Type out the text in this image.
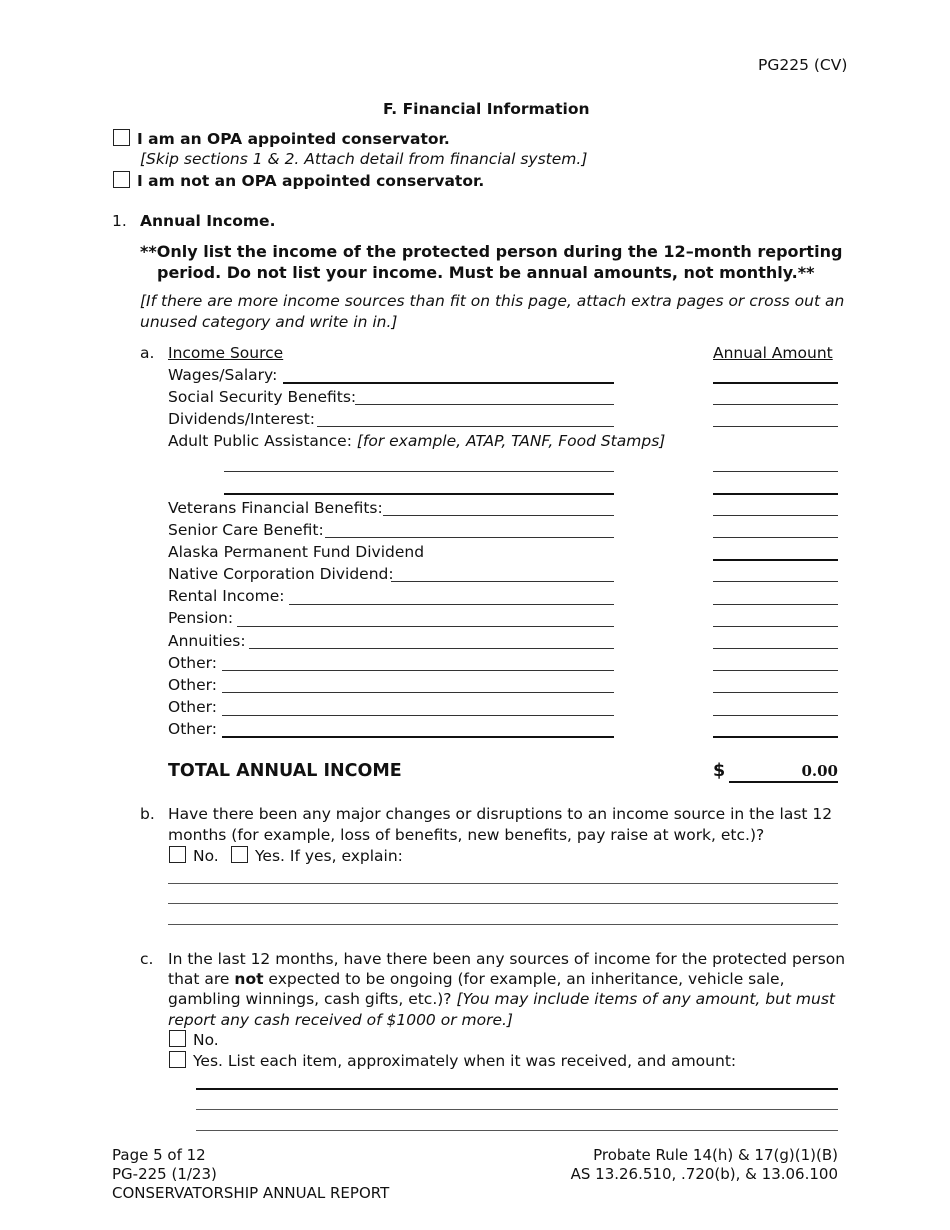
PG225 (CV)
F. Financial Information
I am an OPA appointed conservator.
[Skip sections 1 & 2. Attach detail from financial system.]
I am not an OPA appointed conservator.
1. Annual Income.
**Only list the income of the protected person during the 12–month reporting
period. Do not list your income. Must be annual amounts, not monthly.**
[If there are more income sources than fit on this page, attach extra pages or cross out an
unused category and write in in.]
a. Income Source	Annual Amount
Wages/Salary:
Social Security Benefits:
Dividends/Interest:
Adult Public Assistance: [for example, ATAP, TANF, Food Stamps]
Veterans Financial Benefits:
Senior Care Benefit:
Alaska Permanent Fund Dividend
Native Corporation Dividend:
Rental Income:
Pension:
Annuities:
Other:
Other:
Other:
Other:
TOTAL ANNUAL INCOME	$	0.00
b. Have there been any major changes or disruptions to an income source in the last 12
months (for example, loss of benefits, new benefits, pay raise at work, etc.)?
No. Yes. If yes, explain:
c. In the last 12 months, have there been any sources of income for the protected person
that are not expected to be ongoing (for example, an inheritance, vehicle sale,
gambling winnings, cash gifts, etc.)? [You may include items of any amount, but must
report any cash received of $1000 or more.]
No.
Yes. List each item, approximately when it was received, and amount:
Page 5 of 12
PG-225 (1/23)
CONSERVATORSHIP ANNUAL REPORT
Probate Rule 14(h) & 17(g)(1)(B)
AS 13.26.510, .720(b), & 13.06.100
